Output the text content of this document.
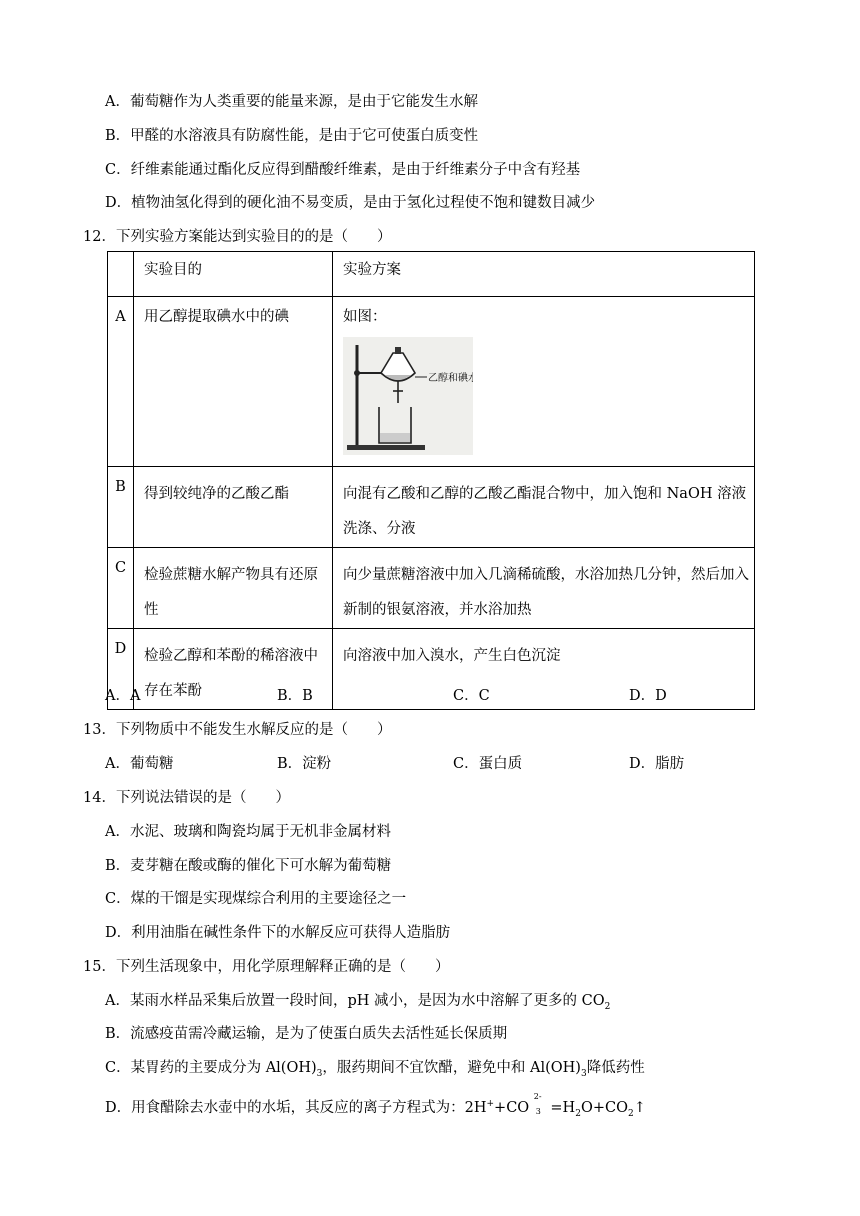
A．葡萄糖作为人类重要的能量来源，是由于它能发生水解
B．甲醛的水溶液具有防腐性能，是由于它可使蛋白质变性
C．纤维素能通过酯化反应得到醋酸纤维素，是由于纤维素分子中含有羟基
D．植物油氢化得到的硬化油不易变质，是由于氢化过程使不饱和键数目减少
12．下列实验方案能达到实验目的的是（　　）
	实验目的	实验方案
A	用乙醇提取碘水中的碘	如图：
乙醇和碘水

B	得到较纯净的乙酸乙酯	向混有乙酸和乙醇的乙酸乙酯混合物中，加入饱和 NaOH 溶液洗涤、分液
C	检验蔗糖水解产物具有还原性	向少量蔗糖溶液中加入几滴稀硫酸，水浴加热几分钟，然后加入新制的银氨溶液，并水浴加热
D	检验乙醇和苯酚的稀溶液中存在苯酚	向溶液中加入溴水，产生白色沉淀
A．A	B．B	C．C	D．D
13．下列物质中不能发生水解反应的是（　　）
A．葡萄糖	B．淀粉	C．蛋白质	D．脂肪
14．下列说法错误的是（　　）
A．水泥、玻璃和陶瓷均属于无机非金属材料
B．麦芽糖在酸或酶的催化下可水解为葡萄糖
C．煤的干馏是实现煤综合利用的主要途径之一
D．利用油脂在碱性条件下的水解反应可获得人造脂肪
15．下列生活现象中，用化学原理解释正确的是（　　）
A．某雨水样品采集后放置一段时间，pH 减小，是因为水中溶解了更多的 $CO_2$
B．流感疫苗需冷藏运输，是为了使蛋白质失去活性延长保质期
C．某胃药的主要成分为 $Al(OH)_3$，服药期间不宜饮醋，避免中和 $Al(OH)_3$降低药性
D．用食醋除去水壶中的水垢，其反应的离子方程式为：2H++CO
2-
$3 =H_2O+CO_2↑$
